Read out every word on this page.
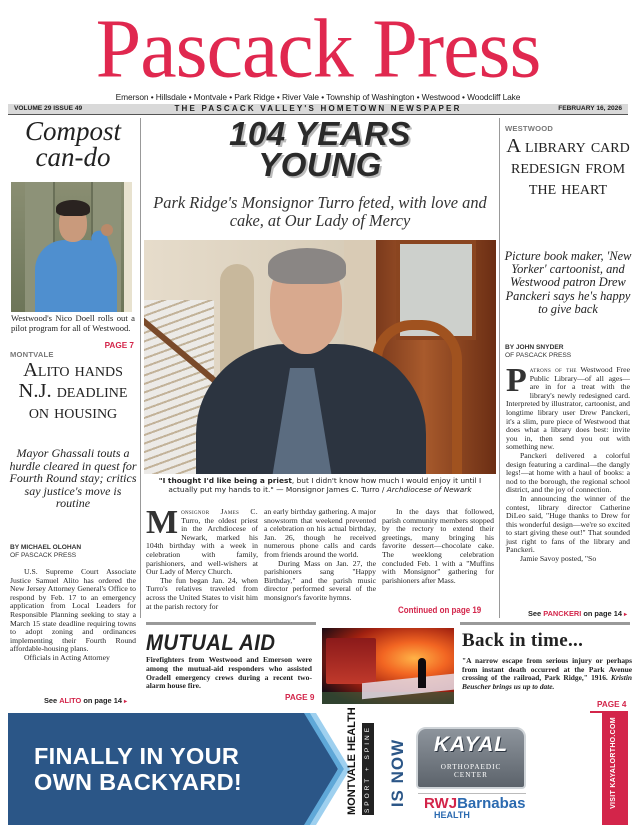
Pascack Press
Emerson • Hillsdale • Montvale • Park Ridge • River Vale • Township of Washington • Westwood • Woodcliff Lake
VOLUME 29 ISSUE 49	THE PASCACK VALLEY'S HOMETOWN NEWSPAPER	FEBRUARY 16, 2026
Compost can-do
Westwood's Nico Doell rolls out a pilot program for all of Westwood.
PAGE 7
MONTVALE
Alito hands N.J. deadline on housing
Mayor Ghassali touts a hurdle cleared in quest for Fourth Round stay; critics say justice's move is routine
BY MICHAEL OLOHAN
OF PASCACK PRESS

U.S. Supreme Court Associate Justice Samuel Alito has ordered the New Jersey Attorney General's Office to respond by Feb. 17 to an emergency application from Local Leaders for Responsible Planning seeking to stay a March 15 state deadline requiring towns to adopt zoning and ordinances implementing their Fourth Round affordable-housing plans.

Officials in Acting Attorney

See ALITO on page 14 ▸
104 YEARS
YOUNG
Park Ridge's Monsignor Turro feted, with love and cake, at Our Lady of Mercy
"I thought I'd like being a priest, but I didn't know how much I would enjoy it until I actually put my hands to it." — Monsignor James C. Turro / Archdiocese of Newark

Monsignor James C. Turro, the oldest priest in the Archdiocese of Newark, marked his 104th birthday with a week in celebration with family, parishioners, and well-wishers at Our Lady of Mercy Church.

The fun began Jan. 24, when Turro's relatives traveled from across the United States to visit him at the parish rectory for

an early birthday gathering. A major snowstorm that weekend prevented a celebration on his actual birthday, Jan. 26, though he received numerous phone calls and cards from friends around the world.

During Mass on Jan. 27, the parishioners sang "Happy Birthday," and the parish music director performed several of the monsignor's favorite hymns.

In the days that followed, parish community members stopped by the rectory to extend their greetings, many bringing his favorite dessert—chocolate cake. The weeklong celebration concluded Feb. 1 with a "Muffins with Monsignor" gathering for parishioners after Mass.

Continued on page 19
WESTWOOD
A library card redesign from the heart
Picture book maker, 'New Yorker' cartoonist, and Westwood patron Drew Panckeri says he's happy to give back
BY JOHN SNYDER
OF PASCACK PRESS

Patrons of the Westwood Free Public Library—of all ages—are in for a treat with the library's newly redesigned card. Interpreted by illustrator, cartoonist, and longtime library user Drew Panckeri, it's a slim, pure piece of Westwood that does what a library does best: invite you in, then send you out with something new.

Panckeri delivered a colorful design featuring a cardinal—the dangly legs!—at home with a haul of books: a nod to the borough, the regional school district, and the joy of connection.

In announcing the winner of the contest, library director Catherine DiLeo said, "Huge thanks to Drew for this wonderful design—we're so excited to start giving these out!" That sounded just right to fans of the library and Panckeri.

Jamie Savoy posted, "So

See PANCKERI on page 14 ▸
MUTUAL AID
Firefighters from Westwood and Emerson were among the mutual-aid responders who assisted Oradell emergency crews during a recent two-alarm house fire.
PAGE 9
Back in time...
"A narrow escape from serious injury or perhaps from instant death occurred at the Park Avenue crossing of the railroad, Park Ridge," 1916. Kristin Beuscher brings us up to date.
PAGE 4
FINALLY IN YOUR
OWN BACKYARD!	MONTVALE HEALTH SPORT + SPINE IS NOW	KAYAL
ORTHOPAEDIC
CENTER
RWJBarnabas
HEALTH
VISIT KAYALORTHO.COM
